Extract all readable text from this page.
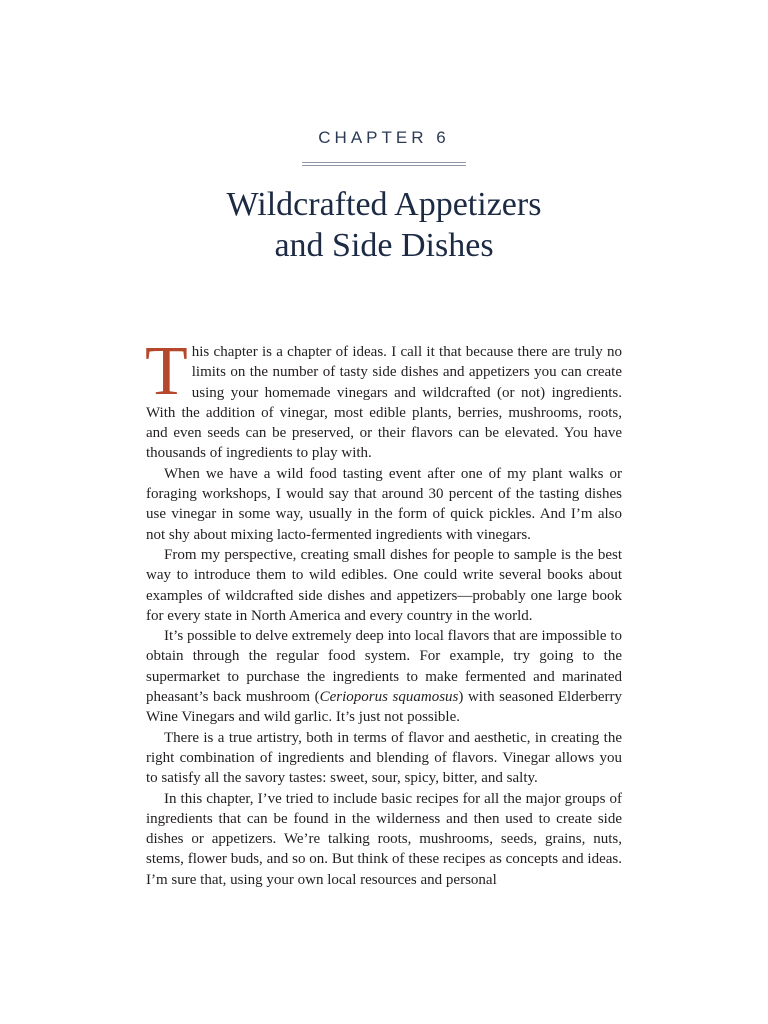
CHAPTER 6
Wildcrafted Appetizers
and Side Dishes

This chapter is a chapter of ideas. I call it that because there are truly no limits on the number of tasty side dishes and appetizers you can create using your homemade vinegars and wildcrafted (or not) ingredients. With the addition of vinegar, most edible plants, berries, mushrooms, roots, and even seeds can be preserved, or their flavors can be elevated. You have thousands of ingredients to play with.

When we have a wild food tasting event after one of my plant walks or foraging workshops, I would say that around 30 percent of the tasting dishes use vinegar in some way, usually in the form of quick pickles. And I’m also not shy about mixing lacto-fermented ingredients with vinegars.

From my perspective, creating small dishes for people to sample is the best way to introduce them to wild edibles. One could write several books about examples of wildcrafted side dishes and appetizers—probably one large book for every state in North America and every country in the world.

It’s possible to delve extremely deep into local flavors that are impossible to obtain through the regular food system. For example, try going to the supermarket to purchase the ingredients to make fermented and marinated pheasant’s back mushroom (Cerioporus squamosus) with seasoned Elderberry Wine Vinegars and wild garlic. It’s just not possible.

There is a true artistry, both in terms of flavor and aesthetic, in creating the right combination of ingredients and blending of flavors. Vinegar allows you to satisfy all the savory tastes: sweet, sour, spicy, bitter, and salty.

In this chapter, I’ve tried to include basic recipes for all the major groups of ingredients that can be found in the wilderness and then used to create side dishes or appetizers. We’re talking roots, mushrooms, seeds, grains, nuts, stems, flower buds, and so on. But think of these recipes as concepts and ideas. I’m sure that, using your own local resources and personal
